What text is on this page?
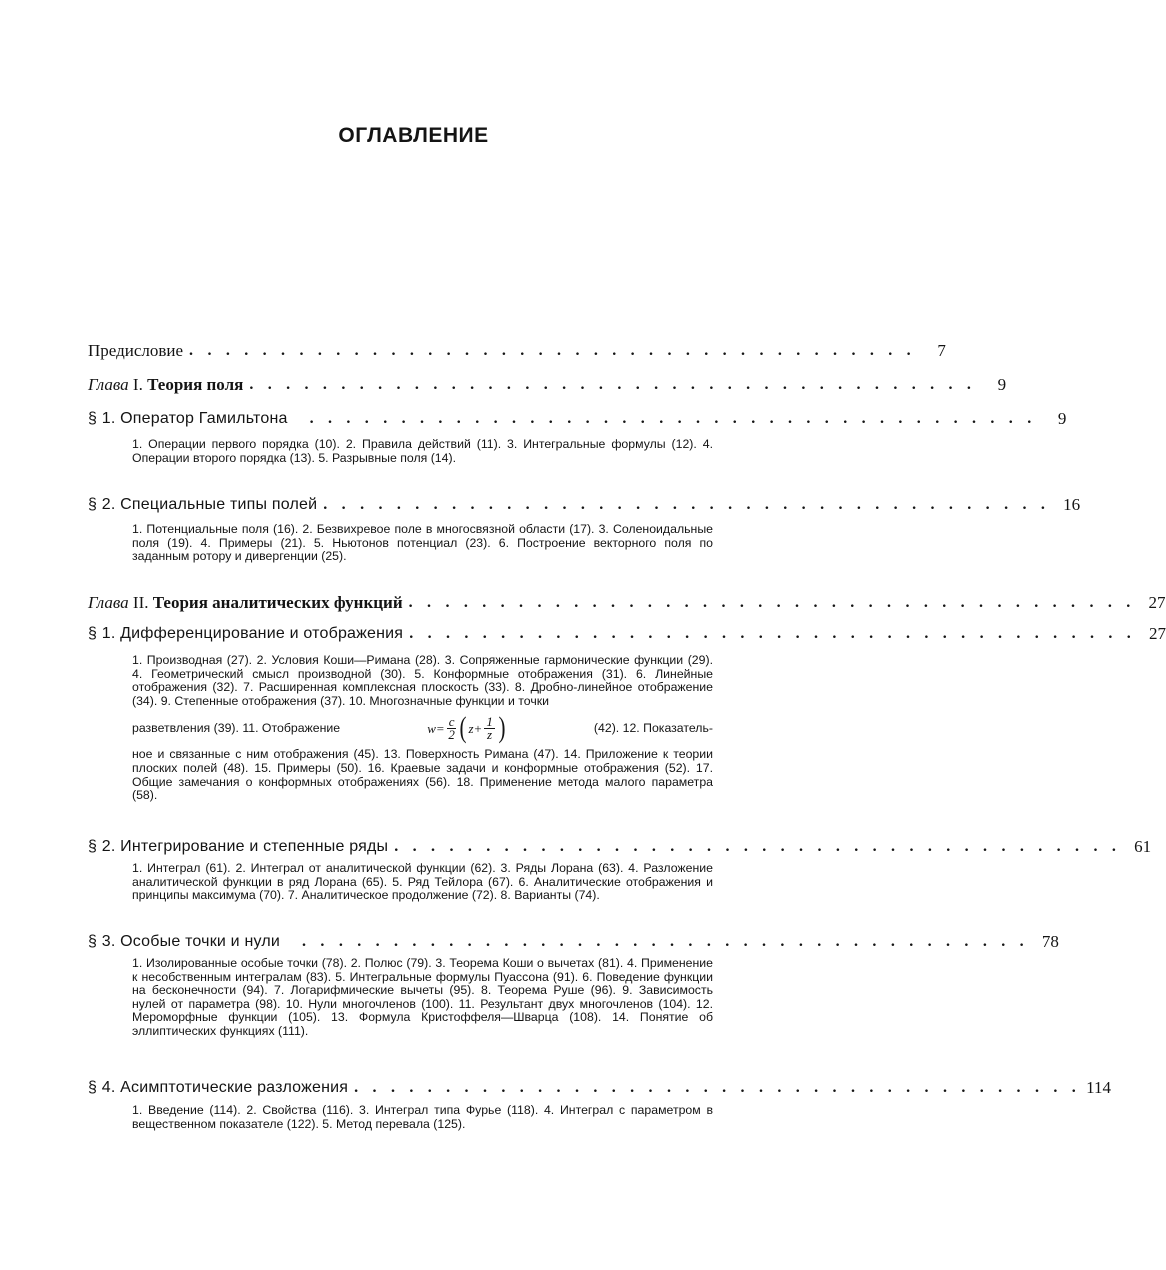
ОГЛАВЛЕНИЕ
Предисловие . . . . . . . . . . . . . . . . . . . . . . . . . . . . . . . . . . . . . . . .	7
Глава I. Теория поля . . . . . . . . . . . . . . . . . . . . . . . . . . . . . . . . . . . . . . . .	9
§ 1. Оператор Гамильтона . . . . . . . . . . . . . . . . . . . . . . . . . . . . . . . . . . . . . . . .	9
1. Операции первого порядка (10). 2. Правила действий (11). 3. Интегральные формулы (12). 4. Операции второго порядка (13). 5. Разрывные поля (14).
§ 2. Специальные типы полей . . . . . . . . . . . . . . . . . . . . . . . . . . . . . . . . . . . . . . . . 16
1. Потенциальные поля (16). 2. Безвихревое поле в многосвязной области (17). 3. Соленоидальные поля (19). 4. Примеры (21). 5. Ньютонов потенциал (23). 6. Построение векторного поля по заданным ротору и дивергенции (25).
Глава II. Теория аналитических функций . . . . . . . . . . . . . . . . . . . . . . . . . . . . . . . . . . . . . . . . 27
§ 1. Дифференцирование и отображения . . . . . . . . . . . . . . . . . . . . . . . . . . . . . . . . . . . . . . . . 27

1. Производная (27). 2. Условия Коши—Римана (28). 3. Сопряженные гармонические функции (29). 4. Геометрический смысл производной (30). 5. Конформные отображения (31). 6. Линейные отображения (32). 7. Расширенная комплексная плоскость (33). 8. Дробно-линейное отображение (34). 9. Степенные отображения (37). 10. Многозначные функции и точки

разветвления (39). 11. Отображение	$w= \frac{c}{2}$ ( $z+ \frac{1}{z}$ )	(42). 12. Показатель-

ное и связанные с ним отображения (45). 13. Поверхность Римана (47). 14. Приложение к теории плоских полей (48). 15. Примеры (50). 16. Краевые задачи и конформные отображения (52). 17. Общие замечания о конформных отображениях (56). 18. Применение метода малого параметра (58).

§ 2. Интегрирование и степенные ряды . . . . . . . . . . . . . . . . . . . . . . . . . . . . . . . . . . . . . . . . 61
1. Интеграл (61). 2. Интеграл от аналитической функции (62). 3. Ряды Лорана (63). 4. Разложение аналитической функции в ряд Лорана (65). 5. Ряд Тейлора (67). 6. Аналитические отображения и принципы максимума (70). 7. Аналитическое продолжение (72). 8. Варианты (74).
§ 3. Особые точки и нули . . . . . . . . . . . . . . . . . . . . . . . . . . . . . . . . . . . . . . . . 78
1. Изолированные особые точки (78). 2. Полюс (79). 3. Теорема Коши о вычетах (81). 4. Применение к несобственным интегралам (83). 5. Интегральные формулы Пуассона (91). 6. Поведение функции на бесконечности (94). 7. Логарифмические вычеты (95). 8. Теорема Руше (96). 9. Зависимость нулей от параметра (98). 10. Нули многочленов (100). 11. Результант двух многочленов (104). 12. Мероморфные функции (105). 13. Формула Кристоффеля—Шварца (108). 14. Понятие об эллиптических функциях (111).
§ 4. Асимптотические разложения . . . . . . . . . . . . . . . . . . . . . . . . . . . . . . . . . . . . . . . . 114
1. Введение (114). 2. Свойства (116). 3. Интеграл типа Фурье (118). 4. Интеграл с параметром в вещественном показателе (122). 5. Метод перевала (125).
